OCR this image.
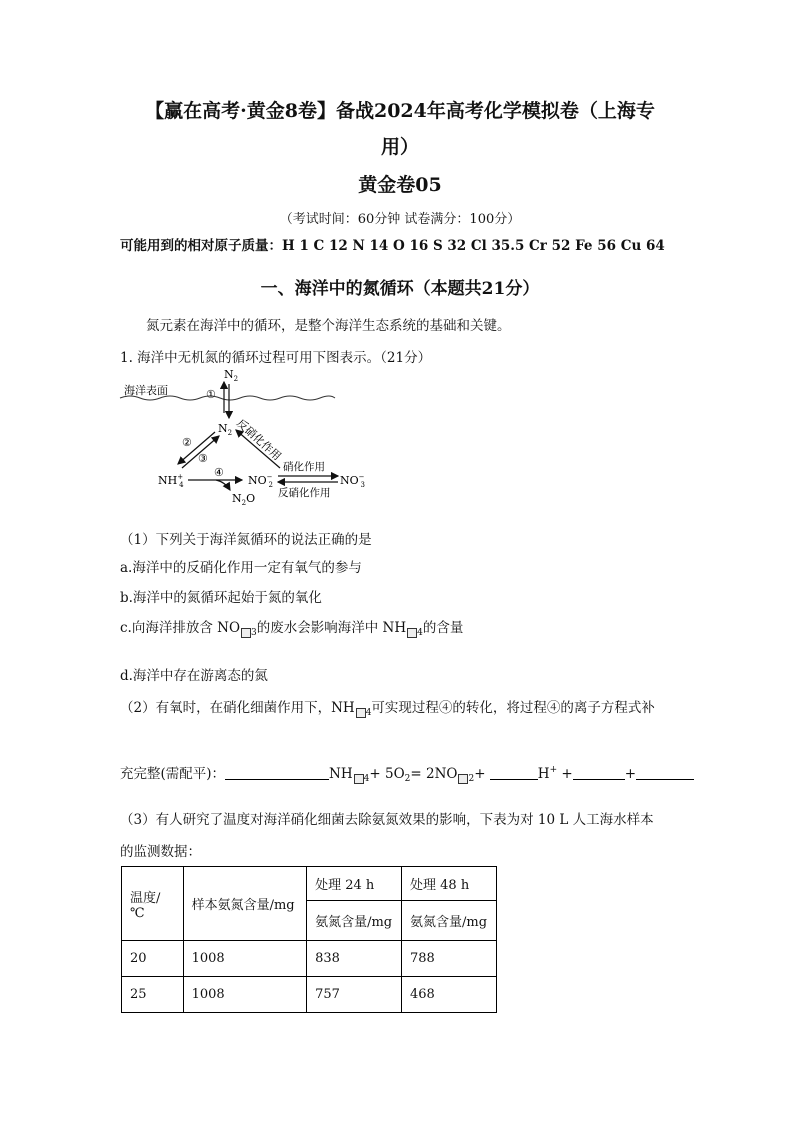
【赢在高考·黄金8卷】备战2024年高考化学模拟卷（上海专
用）
黄金卷05
（考试时间：60分钟 试卷满分：100分）
可能用到的相对原子质量：H 1 C 12 N 14 O 16 S 32 Cl 35.5 Cr 52 Fe 56 Cu 64
一、海洋中的氮循环（本题共21分）
氮元素在海洋中的循环，是整个海洋生态系统的基础和关键。
1. 海洋中无机氮的循环过程可用下图表示。（21分）
海洋表面
$N_2$
①
$N_2$
②
③
④
反硝化作用
硝化作用
反硝化作用
NH+ 4	NO− 2	NO− 3
$N_2O$
（1）下列关于海洋氮循环的说法正确的是
a.海洋中的反硝化作用一定有氧气的参与
b.海洋中的氮循环起始于氮的氧化
c.向海洋排放含 NO $_3$的废水会影响海洋中 NH $_4$的含量
d.海洋中存在游离态的氮
（2）有氧时，在硝化细菌作用下，NH $_4$可实现过程④的转化，将过程④的离子方程式补
充完整(需配平)：	NH $_4+ 5O_2= 2NO$ $_2$+	H+ +	+
（3）有人研究了温度对海洋硝化细菌去除氨氮效果的影响，下表为对 10 L 人工海水样本
的监测数据：
温度/℃	样本氨氮含量/mg	处理 24 h	处理 48 h
		氨氮含量/mg	氨氮含量/mg
20	1008	838	788
25	1008	757	468
